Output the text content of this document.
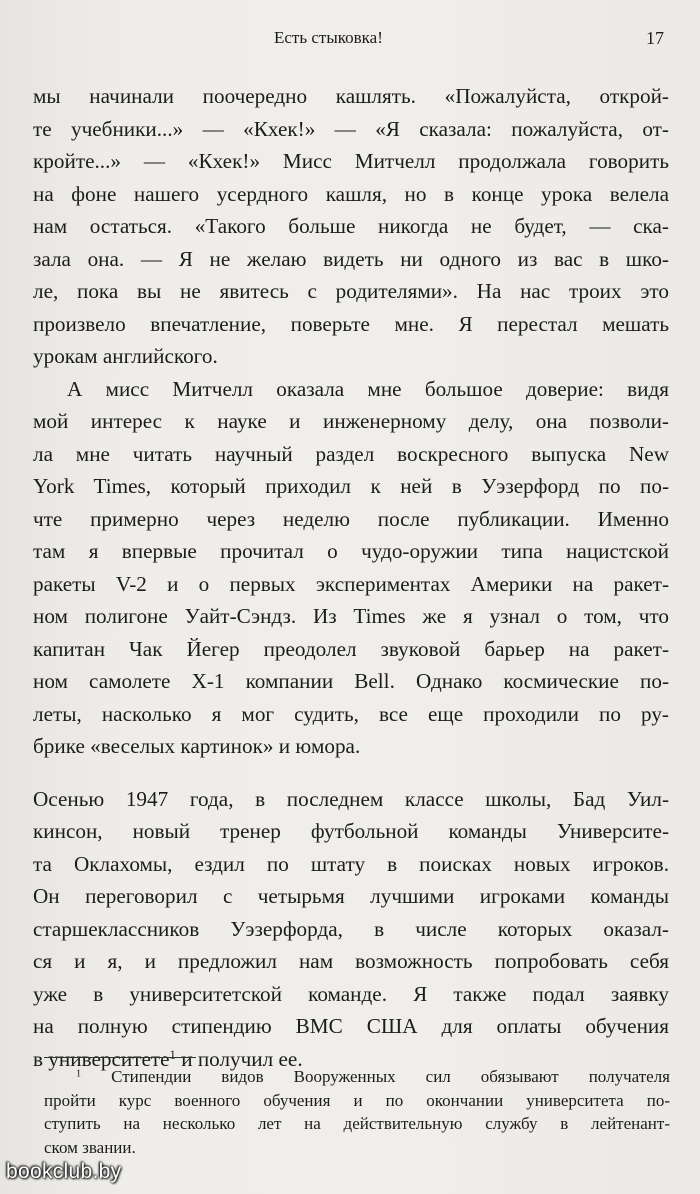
Есть стыковка!	17
мы начинали поочередно кашлять. «Пожалуйста, открой-
те учебники...» — «Кхек!» — «Я сказала: пожалуйста, от-
кройте...» — «Кхек!» Мисс Митчелл продолжала говорить
на фоне нашего усердного кашля, но в конце урока велела
нам остаться. «Такого больше никогда не будет, — ска-
зала она. — Я не желаю видеть ни одного из вас в шко-
ле, пока вы не явитесь с родителями». На нас троих это
произвело впечатление, поверьте мне. Я перестал мешать
урокам английского.
А мисс Митчелл оказала мне большое доверие: видя
мой интерес к науке и инженерному делу, она позволи-
ла мне читать научный раздел воскресного выпуска New
York Times, который приходил к ней в Уэзерфорд по по-
чте примерно через неделю после публикации. Именно
там я впервые прочитал о чудо-оружии типа нацистской
ракеты V-2 и о первых экспериментах Америки на ракет-
ном полигоне Уайт-Сэндз. Из Times же я узнал о том, что
капитан Чак Йегер преодолел звуковой барьер на ракет-
ном самолете X-1 компании Bell. Однако космические по-
леты, насколько я мог судить, все еще проходили по ру-
брике «веселых картинок» и юмора.
Осенью 1947 года, в последнем классе школы, Бад Уил-
кинсон, новый тренер футбольной команды Университе-
та Оклахомы, ездил по штату в поисках новых игроков.
Он переговорил с четырьмя лучшими игроками команды
старшеклассников Уэзерфорда, в числе которых оказал-
ся и я, и предложил нам возможность попробовать себя
уже в университетской команде. Я также подал заявку
на полную стипендию ВМС США для оплаты обучения
в университете$^1$ и получил ее.
$^1$ Стипендии видов Вооруженных сил обязывают получателя
пройти курс военного обучения и по окончании университета по-
ступить на несколько лет на действительную службу в лейтенант-
ском звании.
bookclub.by
